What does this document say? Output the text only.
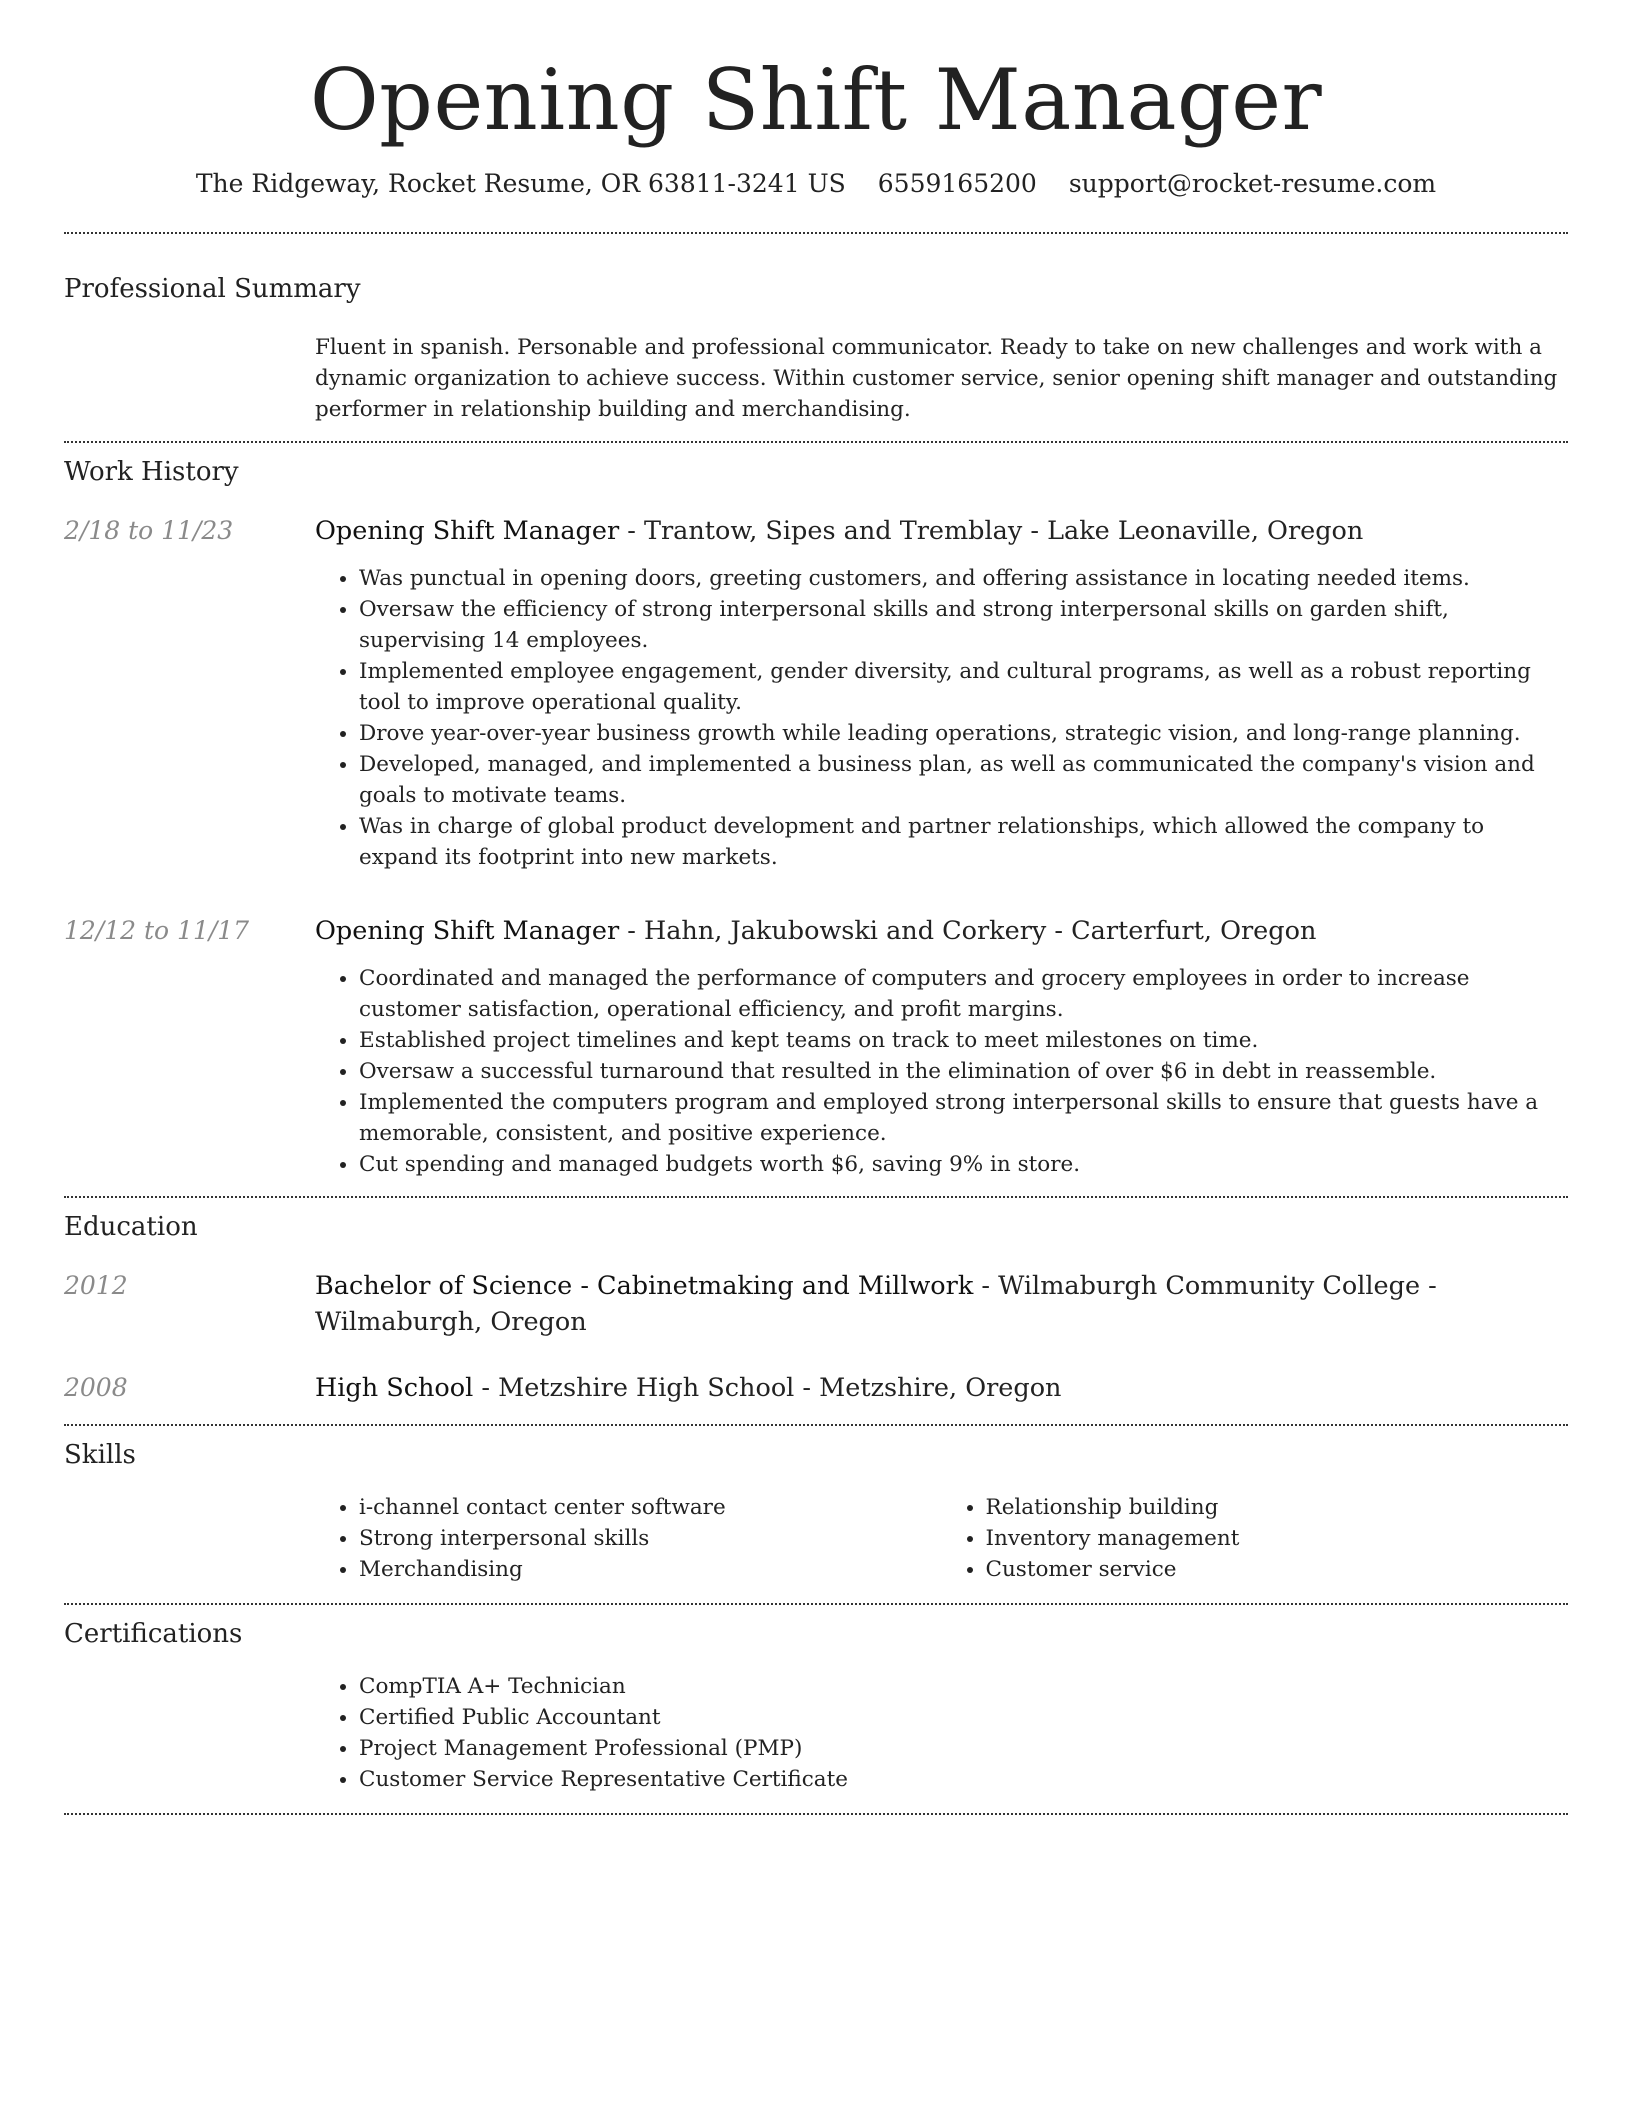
Opening Shift Manager
The Ridgeway, Rocket Resume, OR 63811-3241 US 6559165200 support@rocket-resume.com
Professional Summary
Fluent in spanish. Personable and professional communicator. Ready to take on new challenges and work with a dynamic organization to achieve success. Within customer service, senior opening shift manager and outstanding performer in relationship building and merchandising.
Work History
2/18 to 11/23	Opening Shift Manager - Trantow, Sipes and Tremblay - Lake Leonaville, Oregon
• Was punctual in opening doors, greeting customers, and offering assistance in locating needed items.
• Oversaw the efficiency of strong interpersonal skills and strong interpersonal skills on garden shift, supervising 14 employees.
• Implemented employee engagement, gender diversity, and cultural programs, as well as a robust reporting tool to improve operational quality.
• Drove year-over-year business growth while leading operations, strategic vision, and long-range planning.
• Developed, managed, and implemented a business plan, as well as communicated the company's vision and goals to motivate teams.
• Was in charge of global product development and partner relationships, which allowed the company to expand its footprint into new markets.
12/12 to 11/17	Opening Shift Manager - Hahn, Jakubowski and Corkery - Carterfurt, Oregon
• Coordinated and managed the performance of computers and grocery employees in order to increase customer satisfaction, operational efficiency, and profit margins.
• Established project timelines and kept teams on track to meet milestones on time.
• Oversaw a successful turnaround that resulted in the elimination of over $6 in debt in reassemble.
• Implemented the computers program and employed strong interpersonal skills to ensure that guests have a memorable, consistent, and positive experience.
• Cut spending and managed budgets worth $6, saving 9% in store.
Education
2012	Bachelor of Science - Cabinetmaking and Millwork - Wilmaburgh Community College - Wilmaburgh, Oregon
2008	High School - Metzshire High School - Metzshire, Oregon
Skills
• i-channel contact center software
• Strong interpersonal skills
• Merchandising
• Relationship building
• Inventory management
• Customer service
Certifications
• CompTIA A+ Technician
• Certified Public Accountant
• Project Management Professional (PMP)
• Customer Service Representative Certificate
